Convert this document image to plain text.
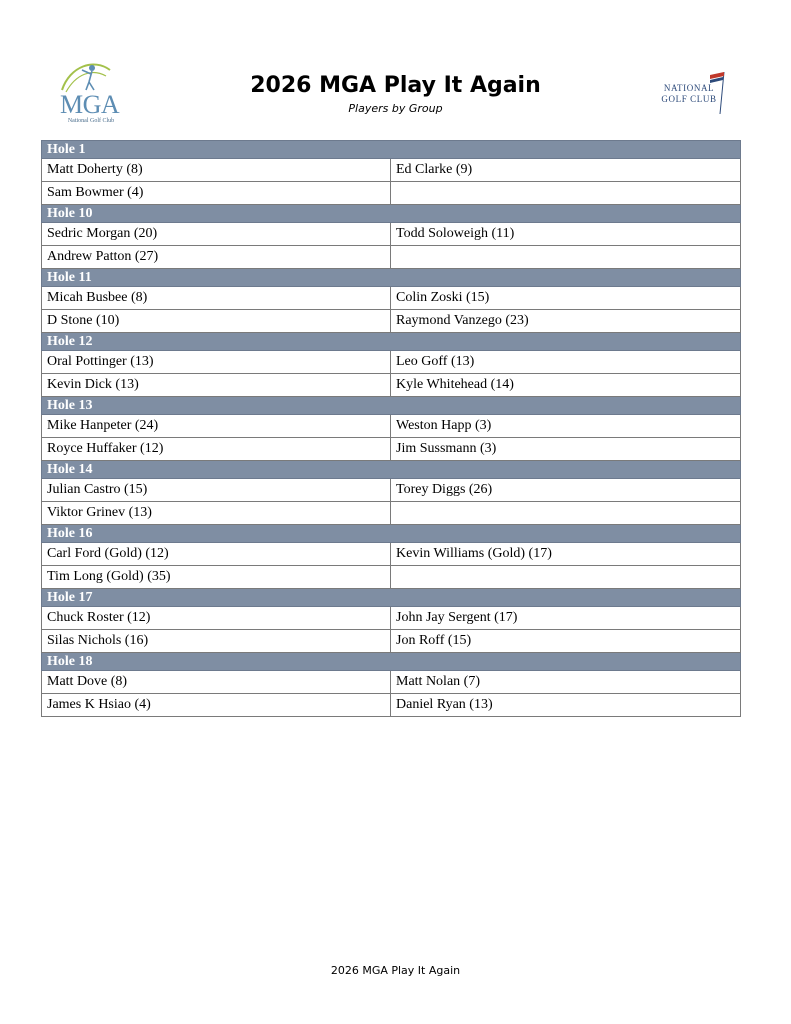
MGA
National Golf Club
2026 MGA Play It Again
Players by Group
NATIONAL
GOLF CLUB
Hole 1	
Matt Doherty (8)	Ed Clarke (9)
Sam Bowmer (4)	
Hole 10	
Sedric Morgan (20)	Todd Soloweigh (11)
Andrew Patton (27)	
Hole 11	
Micah Busbee (8)	Colin Zoski (15)
D Stone (10)	Raymond Vanzego (23)
Hole 12	
Oral Pottinger (13)	Leo Goff (13)
Kevin Dick (13)	Kyle Whitehead (14)
Hole 13	
Mike Hanpeter (24)	Weston Happ (3)
Royce Huffaker (12)	Jim Sussmann (3)
Hole 14	
Julian Castro (15)	Torey Diggs (26)
Viktor Grinev (13)	
Hole 16	
Carl Ford (Gold) (12)	Kevin Williams (Gold) (17)
Tim Long (Gold) (35)	
Hole 17	
Chuck Roster (12)	John Jay Sergent (17)
Silas Nichols (16)	Jon Roff (15)
Hole 18	
Matt Dove (8)	Matt Nolan (7)
James K Hsiao (4)	Daniel Ryan (13)
2026 MGA Play It Again
